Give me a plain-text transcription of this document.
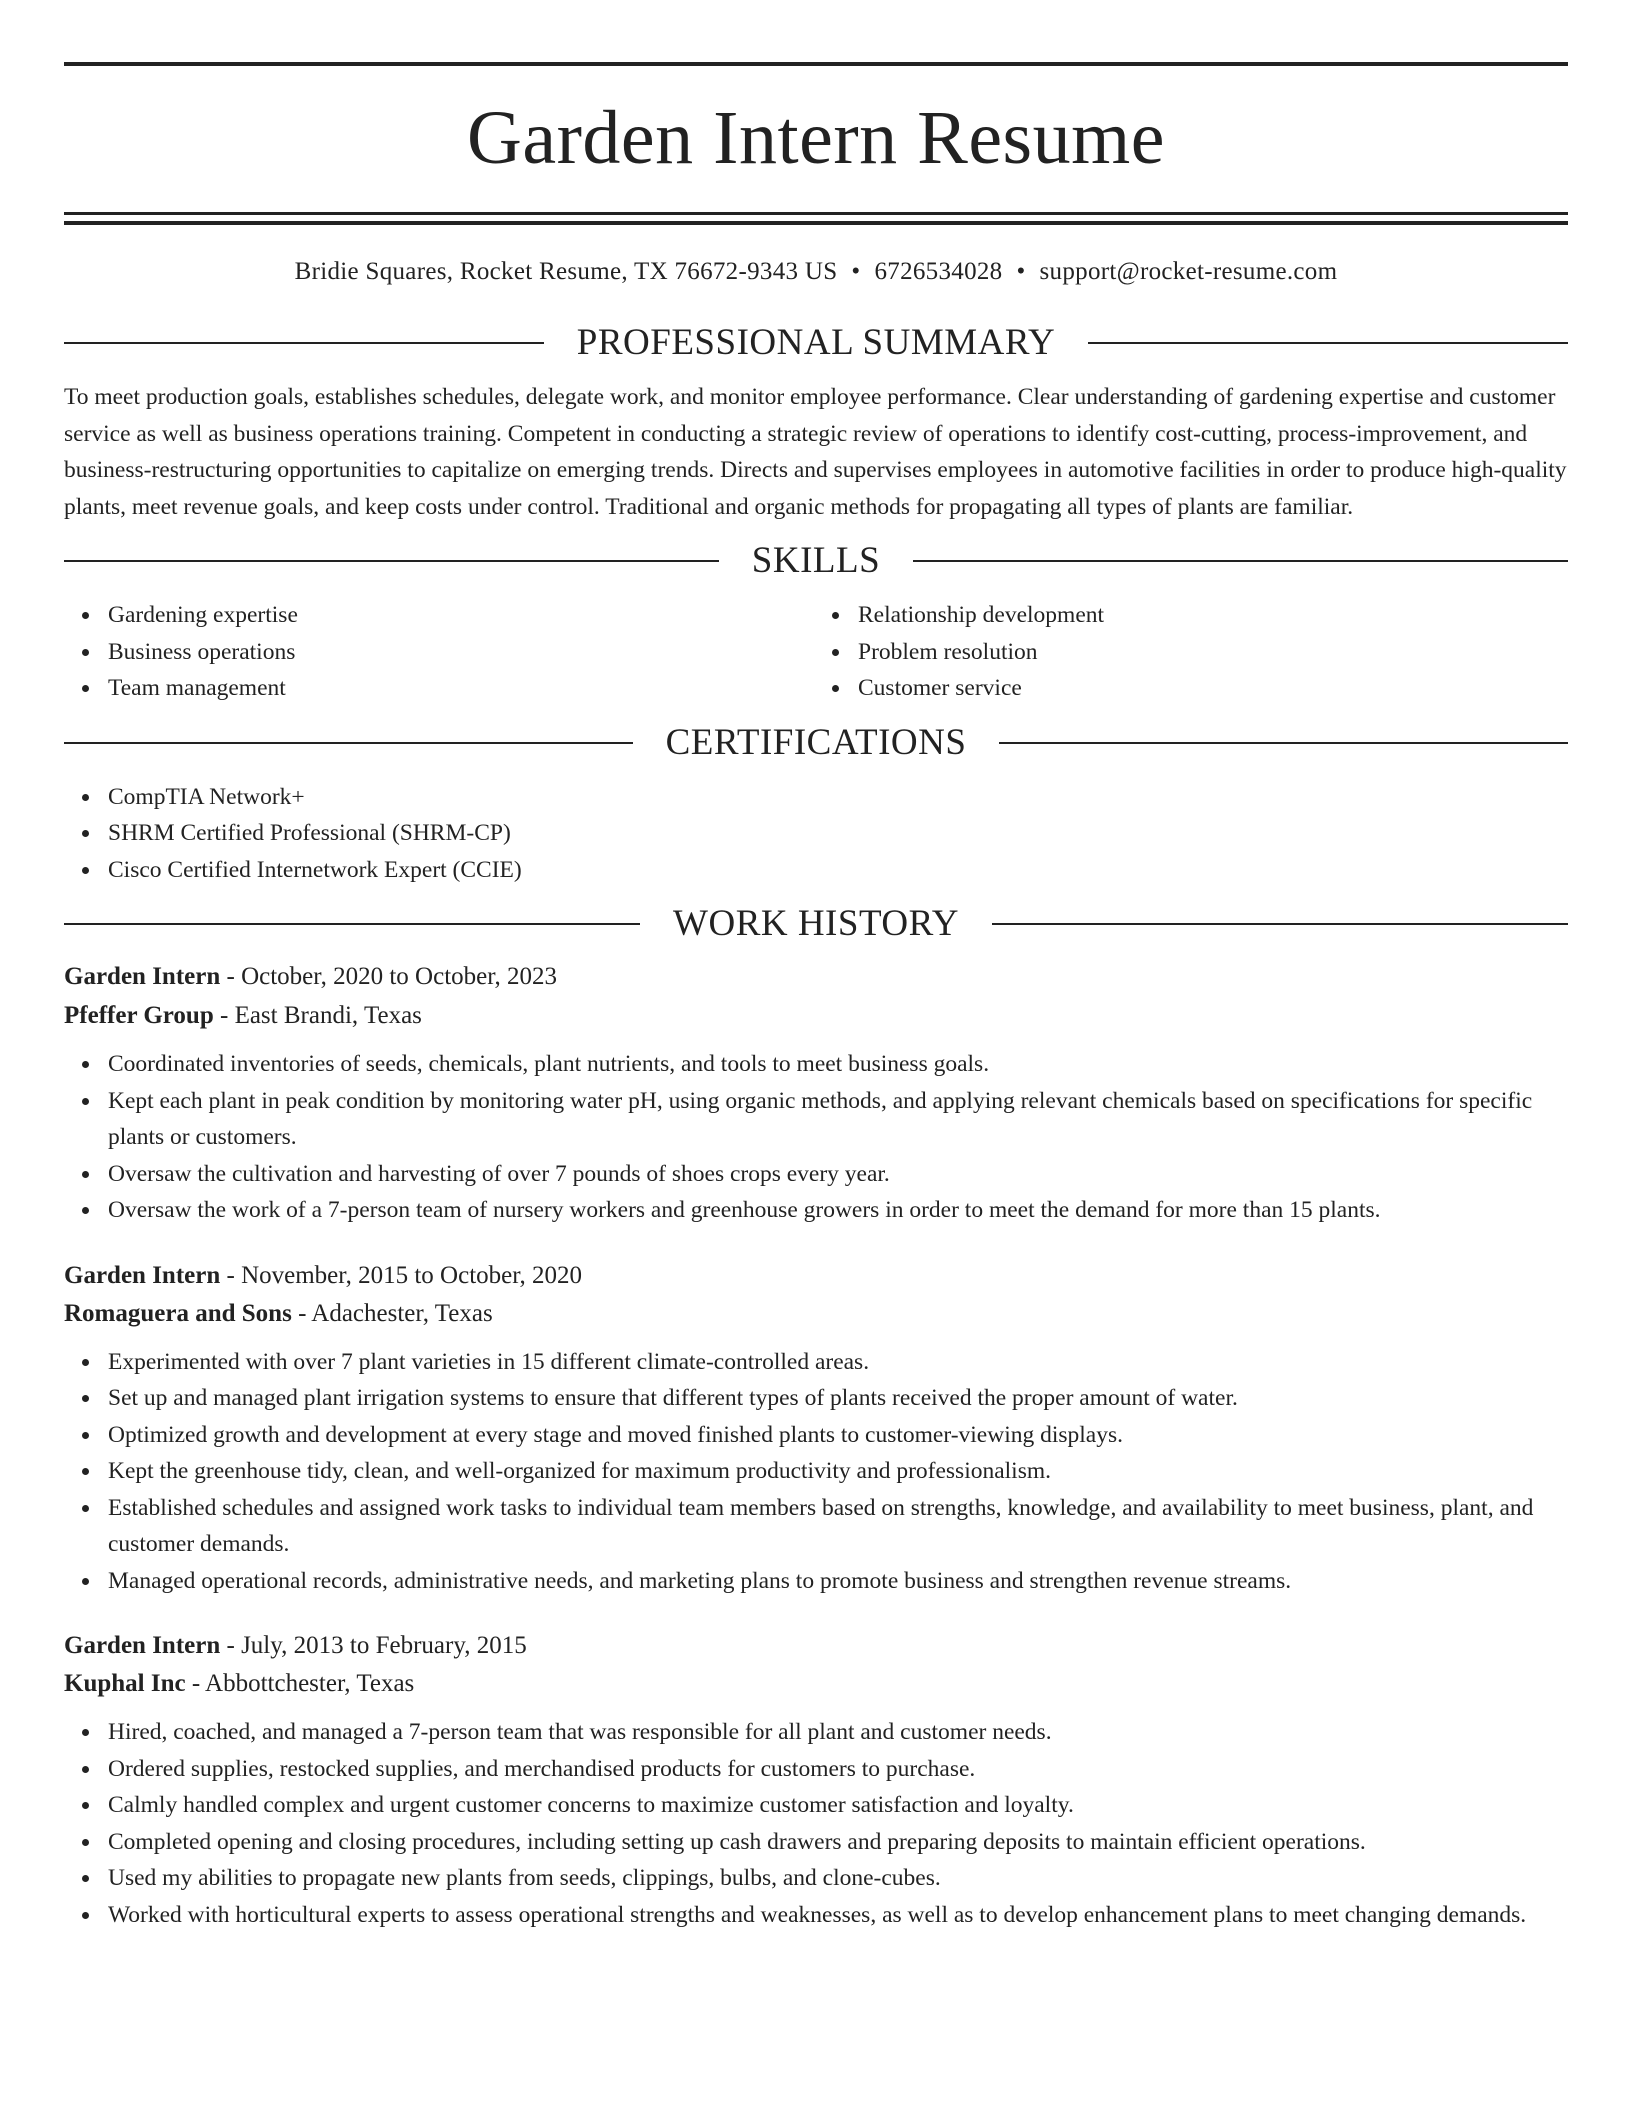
Garden Intern Resume
Bridie Squares, Rocket Resume, TX 76672-9343 US • 6726534028 • support@rocket-resume.com
PROFESSIONAL SUMMARY

To meet production goals, establishes schedules, delegate work, and monitor employee performance. Clear understanding of gardening expertise and customer service as well as business operations training. Competent in conducting a strategic review of operations to identify cost-cutting, process-improvement, and business-restructuring opportunities to capitalize on emerging trends. Directs and supervises employees in automotive facilities in order to produce high-quality plants, meet revenue goals, and keep costs under control. Traditional and organic methods for propagating all types of plants are familiar.

SKILLS
Gardening expertise
Business operations
Team management
Relationship development
Problem resolution
Customer service
CERTIFICATIONS
CompTIA Network+
SHRM Certified Professional (SHRM-CP)
Cisco Certified Internetwork Expert (CCIE)
WORK HISTORY
Garden Intern - October, 2020 to October, 2023
Pfeffer Group - East Brandi, Texas
Coordinated inventories of seeds, chemicals, plant nutrients, and tools to meet business goals.
Kept each plant in peak condition by monitoring water pH, using organic methods, and applying relevant chemicals based on specifications for specific plants or customers.
Oversaw the cultivation and harvesting of over 7 pounds of shoes crops every year.
Oversaw the work of a 7-person team of nursery workers and greenhouse growers in order to meet the demand for more than 15 plants.
Garden Intern - November, 2015 to October, 2020
Romaguera and Sons - Adachester, Texas
Experimented with over 7 plant varieties in 15 different climate-controlled areas.
Set up and managed plant irrigation systems to ensure that different types of plants received the proper amount of water.
Optimized growth and development at every stage and moved finished plants to customer-viewing displays.
Kept the greenhouse tidy, clean, and well-organized for maximum productivity and professionalism.
Established schedules and assigned work tasks to individual team members based on strengths, knowledge, and availability to meet business, plant, and customer demands.
Managed operational records, administrative needs, and marketing plans to promote business and strengthen revenue streams.
Garden Intern - July, 2013 to February, 2015
Kuphal Inc - Abbottchester, Texas
Hired, coached, and managed a 7-person team that was responsible for all plant and customer needs.
Ordered supplies, restocked supplies, and merchandised products for customers to purchase.
Calmly handled complex and urgent customer concerns to maximize customer satisfaction and loyalty.
Completed opening and closing procedures, including setting up cash drawers and preparing deposits to maintain efficient operations.
Used my abilities to propagate new plants from seeds, clippings, bulbs, and clone-cubes.
Worked with horticultural experts to assess operational strengths and weaknesses, as well as to develop enhancement plans to meet changing demands.
